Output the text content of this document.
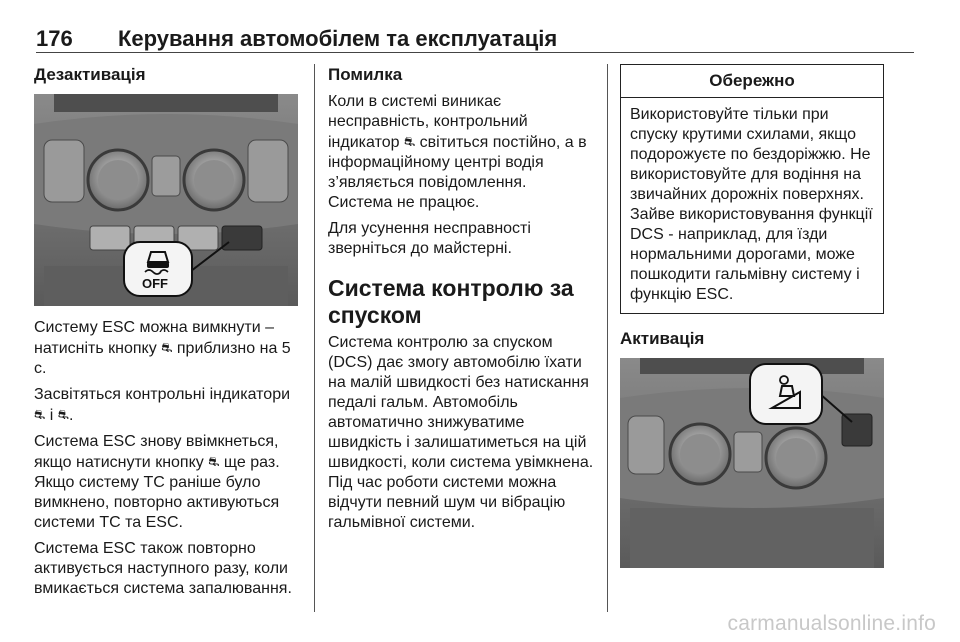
176 Керування автомобілем та експлуатація
Дезактивація
OFF

Систему ESC можна вимкнути – натисніть кнопку ⛐ приблизно на 5 с.

Засвітяться контрольні індикатори ⛐ і ⛐.

Система ESC знову ввімкнеться, якщо натиснути кнопку ⛐ ще раз. Якщо систему TC раніше було вимкнено, повторно активуються системи TC та ESC.

Система ESC також повторно активується наступного разу, коли вмикається система запалювання.

Помилка

Коли в системі виникає несправність, контрольний індикатор ⛐ світиться постійно, а в інформаційному центрі водія з’являється повідомлення. Система не працює.

Для усунення несправності зверніться до майстерні.

Система контролю за спуском

Система контролю за спуском (DCS) дає змогу автомобілю їхати на малій швидкості без натискання педалі гальм. Автомобіль автоматично знижуватиме швидкість і залишатиметься на цій швидкості, коли система увімкнена. Під час роботи системи можна відчути певний шум чи вібрацію гальмівної системи.

Обережно

Використовуйте тільки при спуску крутими схилами, якщо подорожуєте по бездоріжжю. Не використовуйте для водіння на звичайних дорожніх поверхнях. Зайве використовування функції DCS - наприклад, для їзди нормальними дорогами, може пошкодити гальмівну систему і функцію ESC.

Активація
carmanualsonline.info
